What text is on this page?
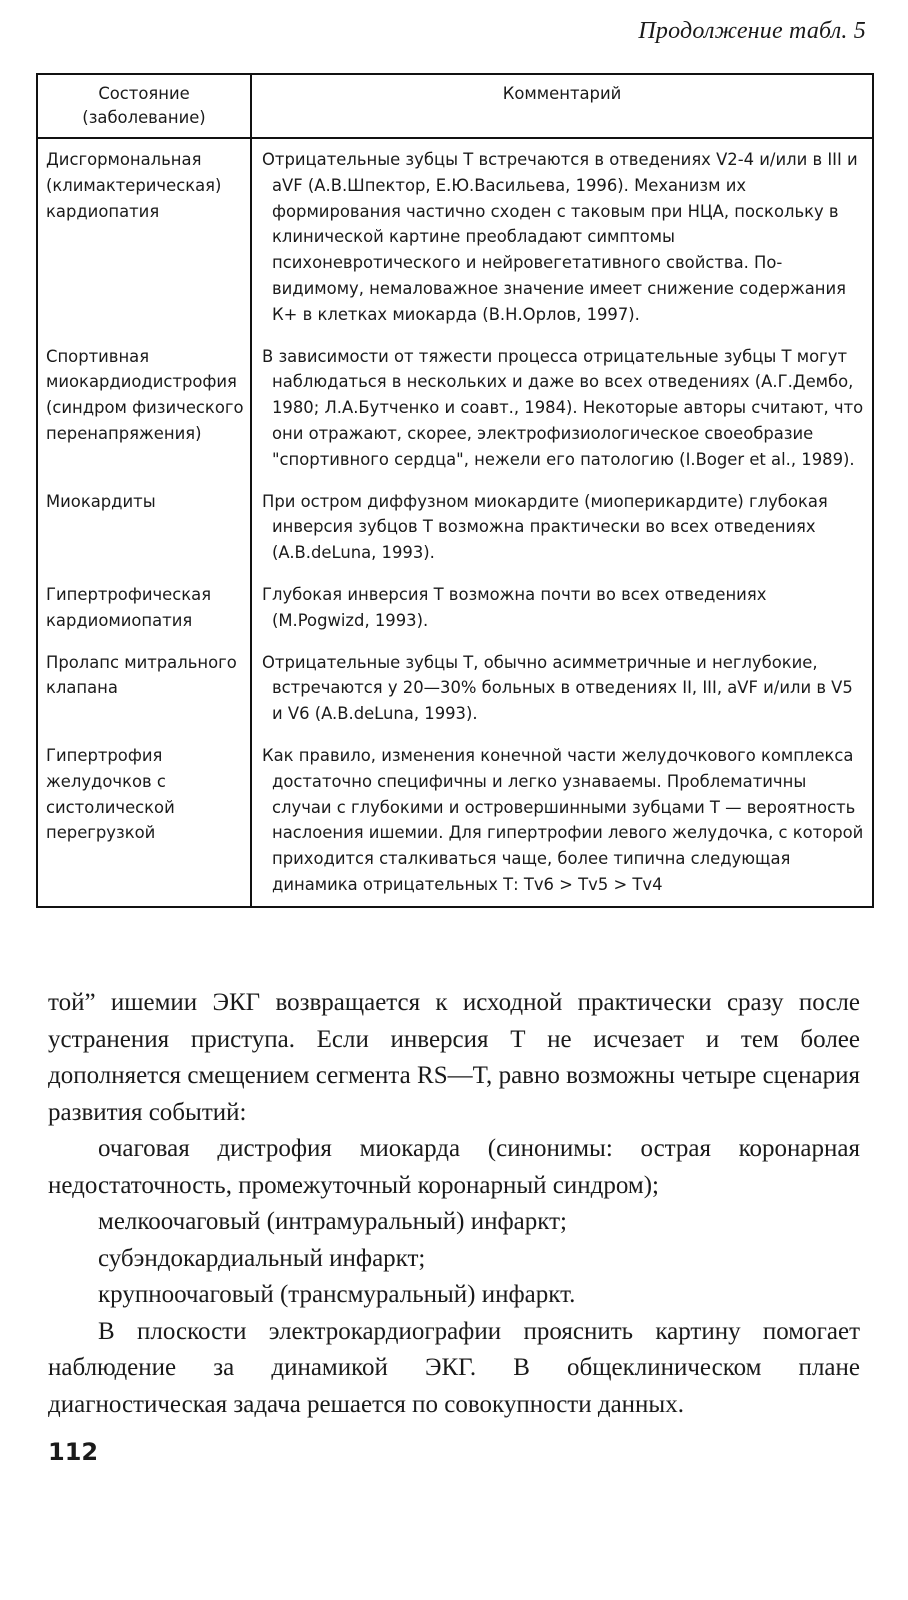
Продолжение табл. 5
Состояние (заболевание)	Комментарий
Дисгормональная (климактерическая) кардиопатия	Отрицательные зубцы Т встречаются в отведениях V2-4 и/или в III и aVF (А.В.Шпектор, Е.Ю.Васильева, 1996). Механизм их формирования частично сходен с таковым при НЦА, поскольку в клинической картине преобладают симптомы психоневротического и нейровегетативного свойства. По-видимому, немаловажное значение имеет снижение содержания К+ в клетках миокарда (В.Н.Орлов, 1997).

Спортивная миокардиодистрофия (синдром физического перенапряжения)	В зависимости от тяжести процесса отрицательные зубцы Т могут наблюдаться в нескольких и даже во всех отведениях (А.Г.Дембо, 1980; Л.А.Бутченко и соавт., 1984). Некоторые авторы считают, что они отражают, скорее, электрофизиологическое своеобразие "спортивного сердца", нежели его патологию (I.Boger et al., 1989).

Миокардиты	При остром диффузном миокардите (миоперикардите) глубокая инверсия зубцов Т возможна практически во всех отведениях (A.B.deLuna, 1993).

Гипертрофическая кардиомиопатия	Глубокая инверсия Т возможна почти во всех отведениях (M.Pogwizd, 1993).

Пролапс митрального клапана	Отрицательные зубцы Т, обычно асимметричные и неглубокие, встречаются у 20—30% больных в отведениях II, III, aVF и/или в V5 и V6 (A.B.deLuna, 1993).

Гипертрофия желудочков с систолической перегрузкой	Как правило, изменения конечной части желудочкового комплекса достаточно специфичны и легко узнаваемы. Проблематичны случаи с глубокими и островершинными зубцами Т — вероятность наслоения ишемии. Для гипертрофии левого желудочка, с которой приходится сталкиваться чаще, более типична следующая динамика отрицательных Т: Tv6 > Tv5 > Tv4

той” ишемии ЭКГ возвращается к исходной практически сразу после устранения приступа. Если инверсия Т не исчезает и тем более дополняется смещением сегмента RS—T, равно возможны четыре сценария развития событий:

очаговая дистрофия миокарда (синонимы: острая коронарная недостаточность, промежуточный коронарный синдром);

мелкоочаговый (интрамуральный) инфаркт;

субэндокардиальный инфаркт;

крупноочаговый (трансмуральный) инфаркт.

В плоскости электрокардиографии прояснить картину помогает наблюдение за динамикой ЭКГ. В общеклиническом плане диагностическая задача решается по совокупности данных.

112
